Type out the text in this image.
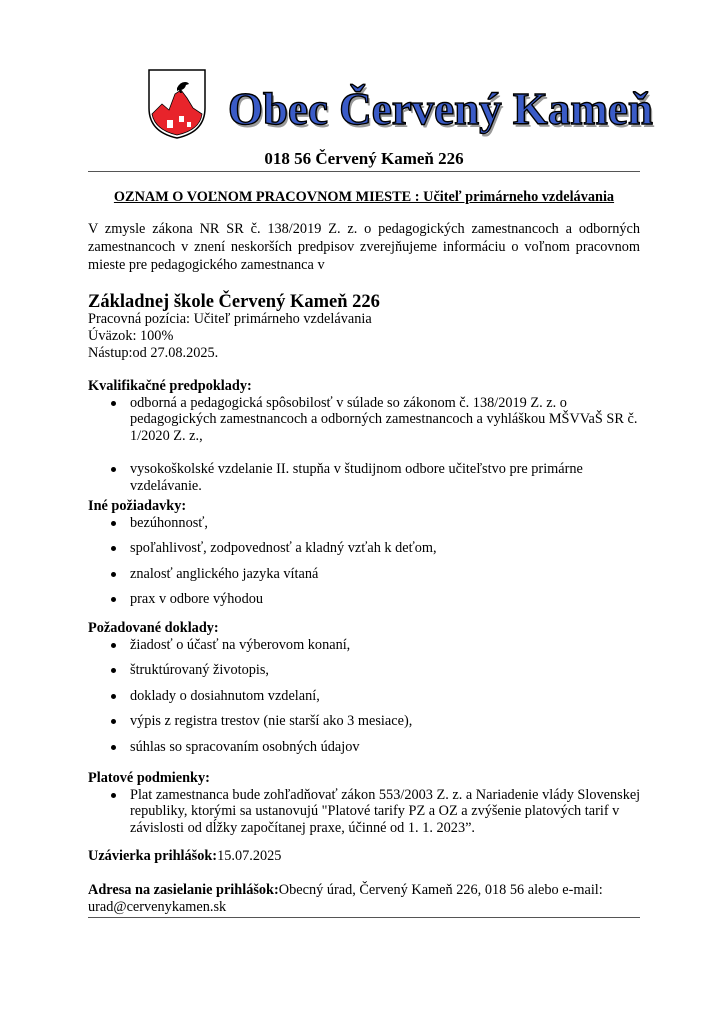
Obec Červený Kameň
018 56 Červený Kameň 226
OZNAM O VOĽNOM PRACOVNOM MIESTE : Učiteľ primárneho vzdelávania
V zmysle zákona NR SR č. 138/2019 Z. z. o pedagogických zamestnancoch a odborných zamestnancoch v znení neskorších predpisov zverejňujeme informáciu o voľnom pracovnom mieste pre pedagogického zamestnanca v
Základnej škole Červený Kameň 226
Pracovná pozícia: Učiteľ primárneho vzdelávania
Úväzok: 100%
Nástup:od 27.08.2025.
Kvalifikačné predpoklady:
odborná a pedagogická spôsobilosť v súlade so zákonom č. 138/2019 Z. z. o pedagogických zamestnancoch a odborných zamestnancoch a vyhláškou MŠVVaŠ SR č. 1/2020 Z. z.,
vysokoškolské vzdelanie II. stupňa v študijnom odbore učiteľstvo pre primárne vzdelávanie.
Iné požiadavky:
bezúhonnosť,
spoľahlivosť, zodpovednosť a kladný vzťah k deťom,
znalosť anglického jazyka vítaná
prax v odbore výhodou
Požadované doklady:
žiadosť o účasť na výberovom konaní,
štruktúrovaný životopis,
doklady o dosiahnutom vzdelaní,
výpis z registra trestov (nie starší ako 3 mesiace),
súhlas so spracovaním osobných údajov
Platové podmienky:
Plat zamestnanca bude zohľadňovať zákon 553/2003 Z. z. a Nariadenie vlády Slovenskej republiky, ktorými sa ustanovujú "Platové tarify PZ a OZ a zvýšenie platových tarif v závislosti od dĺžky započítanej praxe, účinné od 1. 1. 2023”.
Uzávierka prihlášok:15.07.2025
Adresa na zasielanie prihlášok:Obecný úrad, Červený Kameň 226, 018 56 alebo e-mail: urad@cervenykamen.sk
